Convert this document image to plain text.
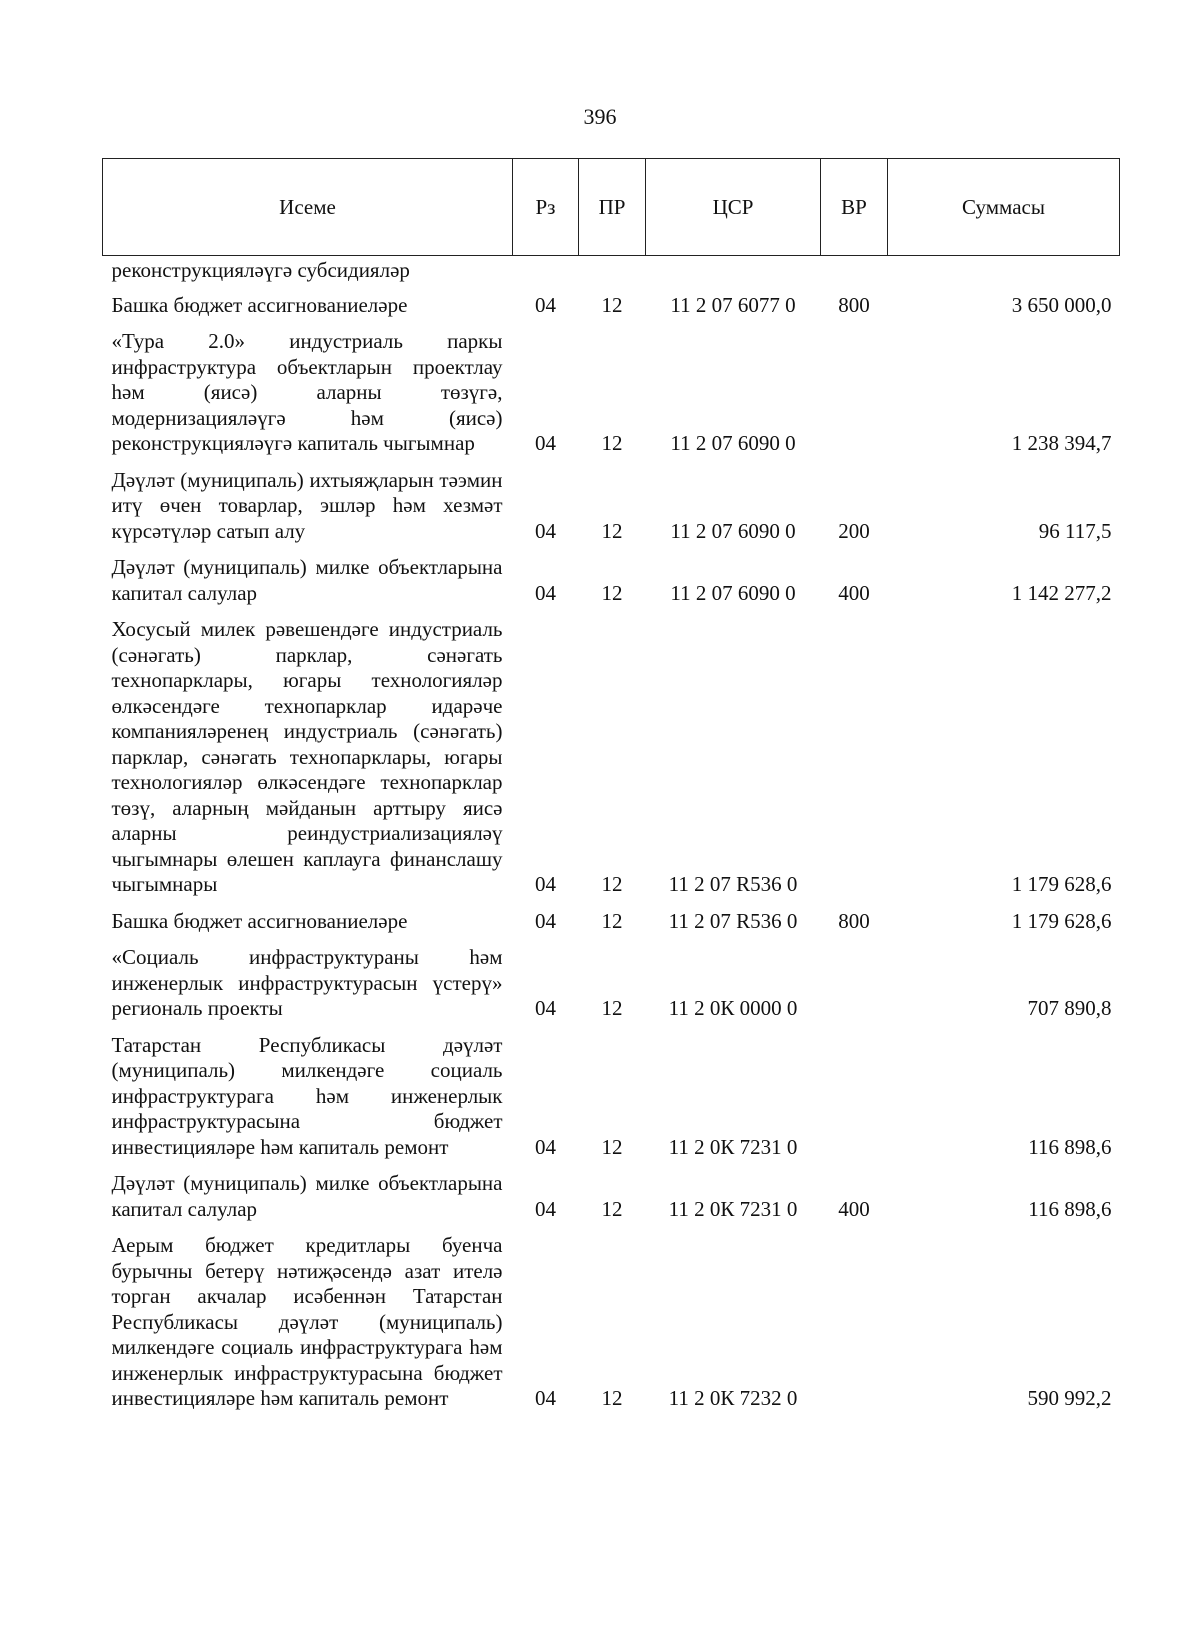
396
Исеме	Рз	ПР	ЦСР	ВР	Суммасы
реконструкцияләүгә субсидияләр					
Башка бюджет ассигнованиеләре	04	12	11 2 07 6077 0	800	3 650 000,0
«Тура 2.0» индустриаль паркы инфраструктура объектларын проектлау һәм (яисә) аларны төзүгә, модернизацияләүгә һәм (яисә) реконструкцияләүгә капиталь чыгымнар	04	12	11 2 07 6090 0		1 238 394,7
Дәүләт (муниципаль) ихтыяҗларын тәэмин итү өчен товарлар, эшләр һәм хезмәт күрсәтүләр сатып алу	04	12	11 2 07 6090 0	200	96 117,5
Дәүләт (муниципаль) милке объектларына капитал салулар	04	12	11 2 07 6090 0	400	1 142 277,2
Хосусый милек рәвешендәге индустриаль (сәнәгать) парклар, сәнәгать технопарклары, югары технологияләр өлкәсендәге технопарклар идарәче компанияләренең индустриаль (сәнәгать) парклар, сәнәгать технопарклары, югары технологияләр өлкәсендәге технопарклар төзү, аларның мәйданын арттыру яисә аларны реиндустриализацияләү чыгымнары өлешен каплауга финанслашу чыгымнары	04	12	11 2 07 R536 0		1 179 628,6
Башка бюджет ассигнованиеләре	04	12	11 2 07 R536 0	800	1 179 628,6
«Социаль инфраструктураны һәм инженерлык инфраструктурасын үстерү» региональ проекты	04	12	11 2 0К 0000 0		707 890,8
Татарстан Республикасы дәүләт (муниципаль) милкендәге социаль инфраструктурага һәм инженерлык инфраструктурасына бюджет инвестицияләре һәм капиталь ремонт	04	12	11 2 0К 7231 0		116 898,6
Дәүләт (муниципаль) милке объектларына капитал салулар	04	12	11 2 0К 7231 0	400	116 898,6
Аерым бюджет кредитлары буенча бурычны бетерү нәтиҗәсендә азат ителә торган акчалар исәбеннән Татарстан Республикасы дәүләт (муниципаль) милкендәге социаль инфраструктурага һәм инженерлык инфраструктурасына бюджет инвестицияләре һәм капиталь ремонт	04	12	11 2 0К 7232 0		590 992,2
